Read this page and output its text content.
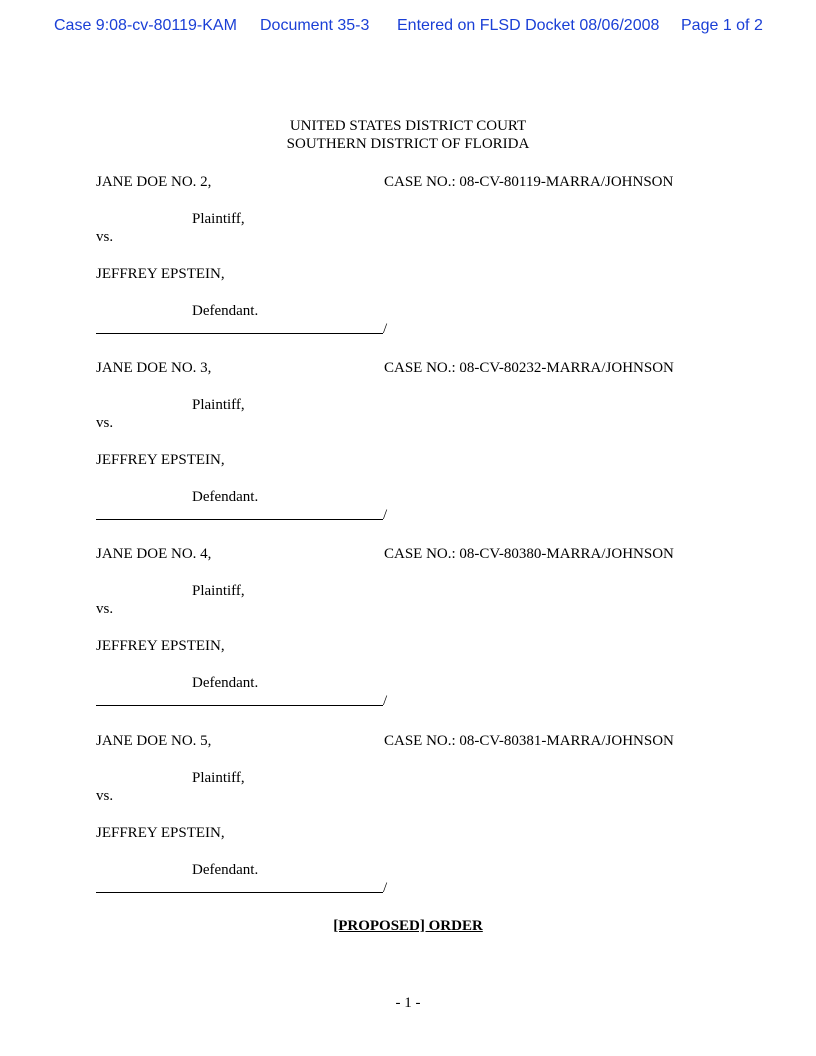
Case 9:08-cv-80119-KAM Document 35-3 Entered on FLSD Docket 08/06/2008 Page 1 of 2
UNITED STATES DISTRICT COURT
SOUTHERN DISTRICT OF FLORIDA
JANE DOE NO. 2,	CASE NO.: 08-CV-80119-MARRA/JOHNSON
Plaintiff,
vs.
JEFFREY EPSTEIN,
Defendant.
/
JANE DOE NO. 3,	CASE NO.: 08-CV-80232-MARRA/JOHNSON
Plaintiff,
vs.
JEFFREY EPSTEIN,
Defendant.
/
JANE DOE NO. 4,	CASE NO.: 08-CV-80380-MARRA/JOHNSON
Plaintiff,
vs.
JEFFREY EPSTEIN,
Defendant.
/
JANE DOE NO. 5,	CASE NO.: 08-CV-80381-MARRA/JOHNSON
Plaintiff,
vs.
JEFFREY EPSTEIN,
Defendant.
/
[PROPOSED] ORDER
- 1 -
